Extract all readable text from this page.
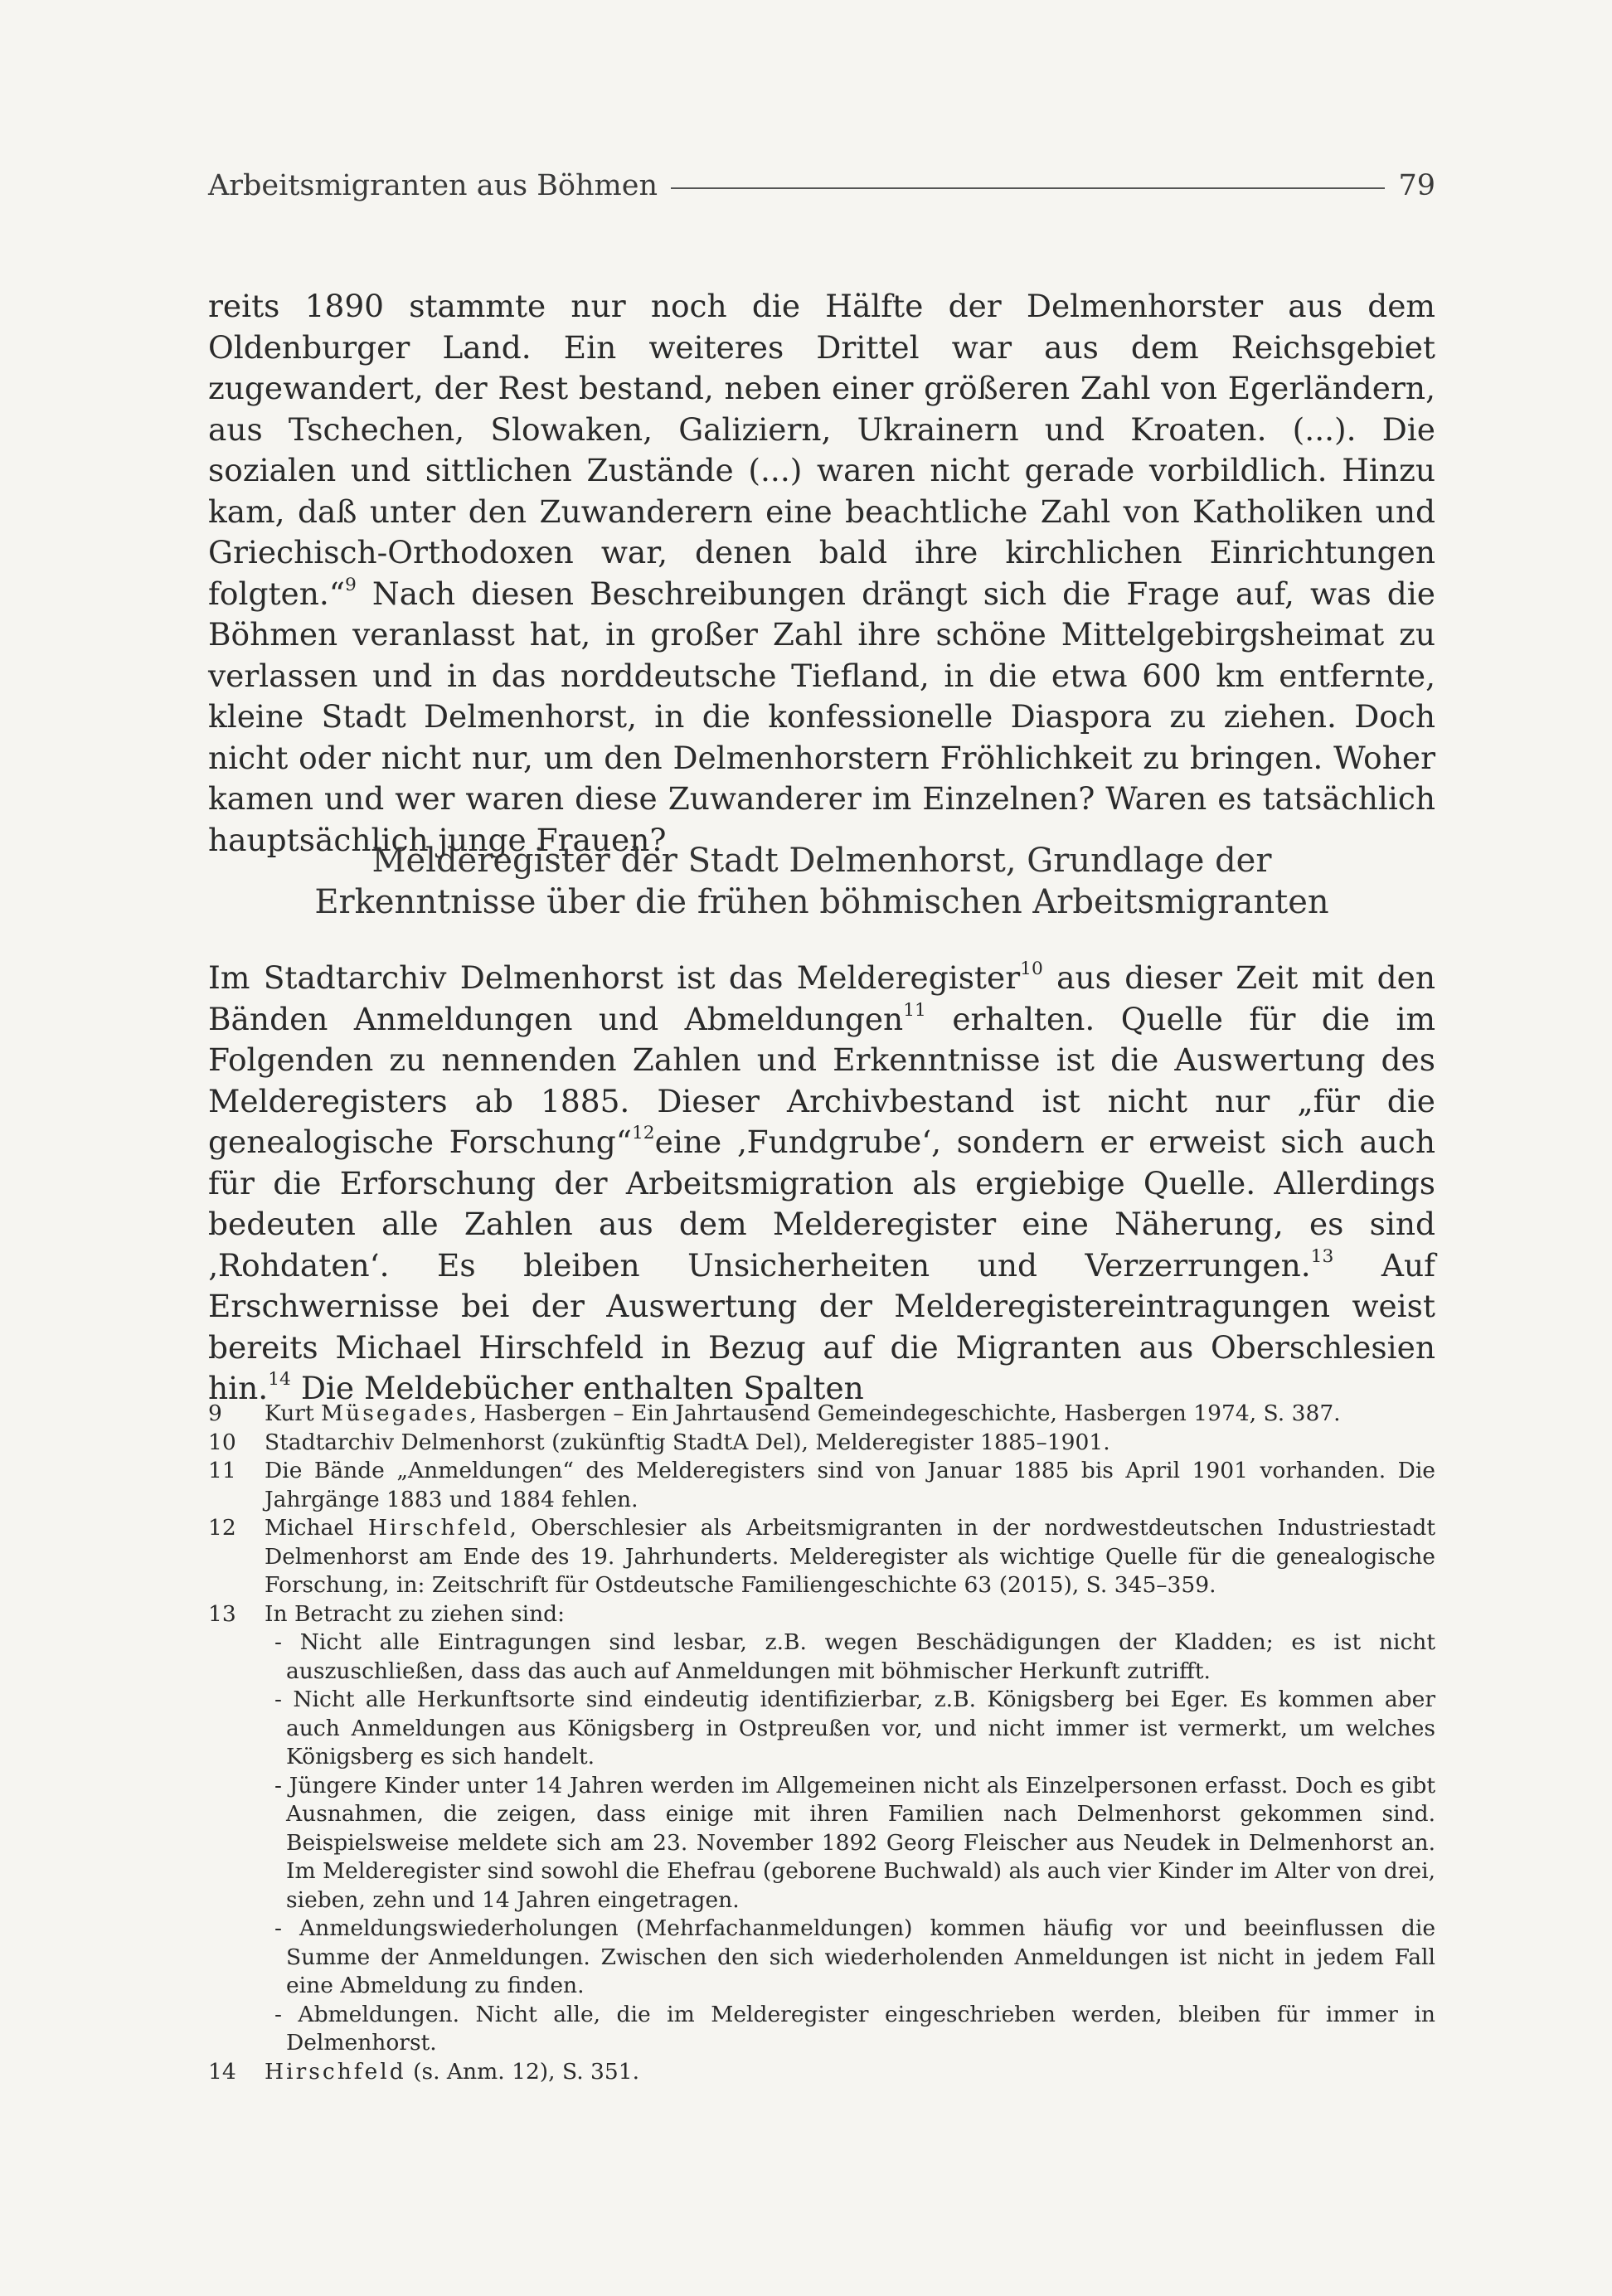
Arbeitsmigranten aus Böhmen	79

reits 1890 stammte nur noch die Hälfte der Delmenhorster aus dem Oldenburger Land. Ein weiteres Drittel war aus dem Reichsgebiet zugewandert, der Rest bestand, neben einer größeren Zahl von Egerländern, aus Tschechen, Slowaken, Galiziern, Ukrainern und Kroaten. (...). Die sozialen und sittlichen Zustände (...) waren nicht gerade vorbildlich. Hinzu kam, daß unter den Zuwanderern eine beachtliche Zahl von Katholiken und Griechisch-Orthodoxen war, denen bald ihre kirchlichen Einrichtungen folgten.“$^9$ Nach diesen Beschreibungen drängt sich die Frage auf, was die Böhmen veranlasst hat, in großer Zahl ihre schöne Mittelgebirgsheimat zu verlassen und in das norddeutsche Tiefland, in die etwa 600 km entfernte, kleine Stadt Delmenhorst, in die konfessionelle Diaspora zu ziehen. Doch nicht oder nicht nur, um den Delmenhorstern Fröhlichkeit zu bringen. Woher kamen und wer waren diese Zuwanderer im Einzelnen? Waren es tatsächlich hauptsächlich junge Frauen?

Melderegister der Stadt Delmenhorst, Grundlage der
Erkenntnisse über die frühen böhmischen Arbeitsmigranten

Im Stadtarchiv Delmenhorst ist das Melderegister$^{10}$ aus dieser Zeit mit den Bänden Anmeldungen und Abmeldungen$^{11}$ erhalten. Quelle für die im Folgenden zu nennenden Zahlen und Erkenntnisse ist die Auswertung des Melderegisters ab 1885. Dieser Archivbestand ist nicht nur „für die genealogische Forschung“$^{12}$eine ‚Fundgrube‘, sondern er erweist sich auch für die Erforschung der Arbeitsmigration als ergiebige Quelle. Allerdings bedeuten alle Zahlen aus dem Melderegister eine Näherung, es sind ‚Rohdaten‘. Es bleiben Unsicherheiten und Verzerrungen.$^{13}$ Auf Erschwernisse bei der Auswertung der Melderegistereintragungen weist bereits Michael Hirschfeld in Bezug auf die Migranten aus Oberschlesien hin.$^{14}$ Die Meldebücher enthalten Spalten

9	Kurt Müsegades, Hasbergen – Ein Jahrtausend Gemeindegeschichte, Hasbergen 1974, S. 387.
10 Stadtarchiv Delmenhorst (zukünftig StadtA Del), Melderegister 1885–1901.
11 Die Bände „Anmeldungen“ des Melderegisters sind von Januar 1885 bis April 1901 vorhanden. Die Jahrgänge 1883 und 1884 fehlen.
12 Michael Hirschfeld, Oberschlesier als Arbeitsmigranten in der nordwestdeutschen Industriestadt Delmenhorst am Ende des 19. Jahrhunderts. Melderegister als wichtige Quelle für die genealogische Forschung, in: Zeitschrift für Ostdeutsche Familiengeschichte 63 (2015), S. 345–359.
13 In Betracht zu ziehen sind:
- Nicht alle Eintragungen sind lesbar, z.B. wegen Beschädigungen der Kladden; es ist nicht auszuschließen, dass das auch auf Anmeldungen mit böhmischer Herkunft zutrifft.
- Nicht alle Herkunftsorte sind eindeutig identifizierbar, z.B. Königsberg bei Eger. Es kommen aber auch Anmeldungen aus Königsberg in Ostpreußen vor, und nicht immer ist vermerkt, um welches Königsberg es sich handelt.
- Jüngere Kinder unter 14 Jahren werden im Allgemeinen nicht als Einzelpersonen erfasst. Doch es gibt Ausnahmen, die zeigen, dass einige mit ihren Familien nach Delmenhorst gekommen sind. Beispielsweise meldete sich am 23. November 1892 Georg Fleischer aus Neudek in Delmenhorst an. Im Melderegister sind sowohl die Ehefrau (geborene Buchwald) als auch vier Kinder im Alter von drei, sieben, zehn und 14 Jahren eingetragen.
- Anmeldungswiederholungen (Mehrfachanmeldungen) kommen häufig vor und beeinflussen die Summe der Anmeldungen. Zwischen den sich wiederholenden Anmeldungen ist nicht in jedem Fall eine Abmeldung zu finden.
- Abmeldungen. Nicht alle, die im Melderegister eingeschrieben werden, bleiben für immer in Delmenhorst.
14 Hirschfeld (s. Anm. 12), S. 351.
